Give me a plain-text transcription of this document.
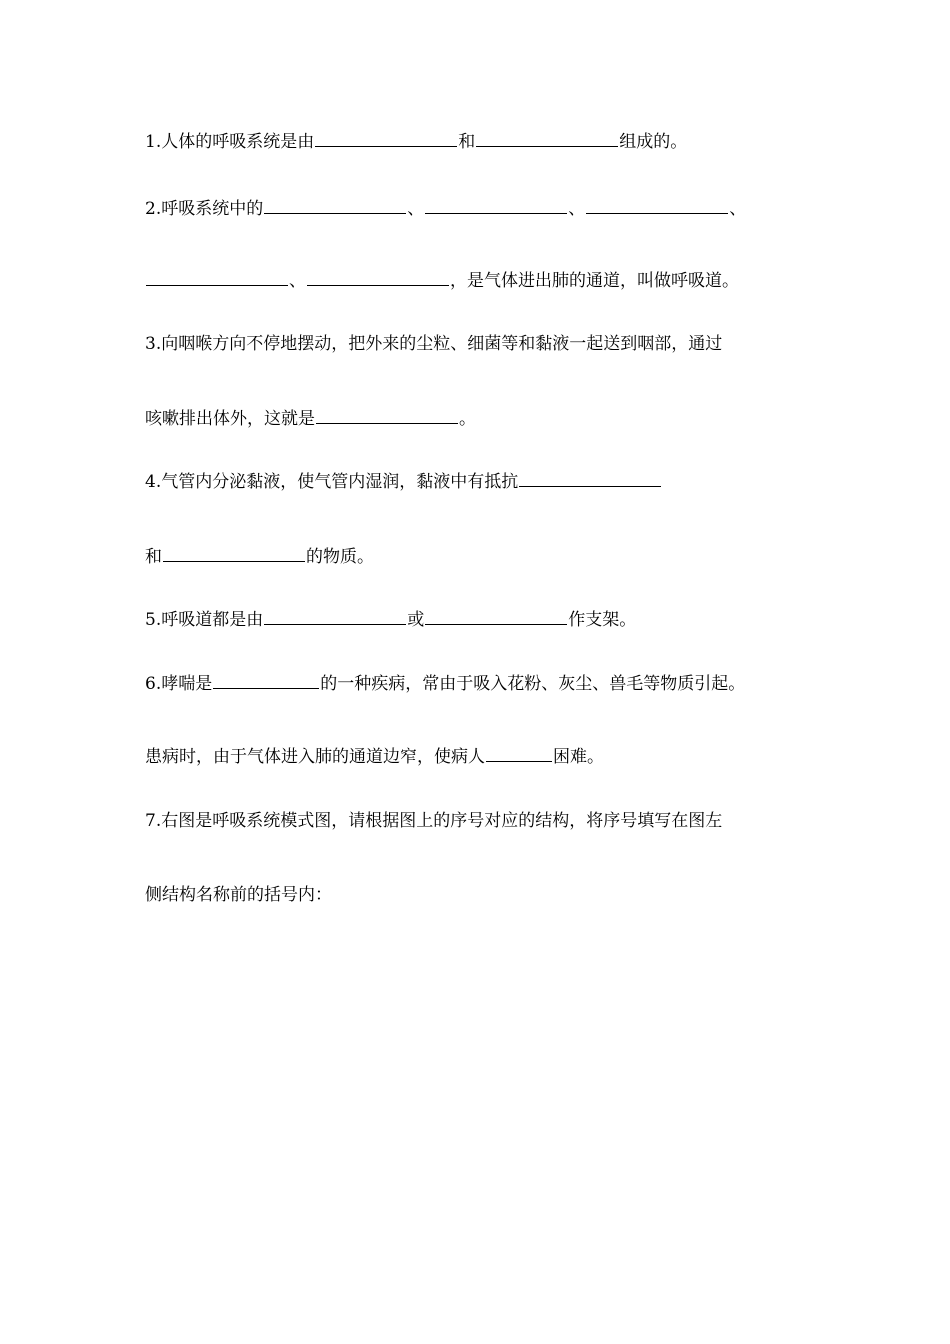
1.人体的呼吸系统是由	和	组成的。
2.呼吸系统中的	、	、	、
、	，是气体进出肺的通道，叫做呼吸道。
3.向咽喉方向不停地摆动，把外来的尘粒、细菌等和黏液一起送到咽部，通过
咳嗽排出体外，这就是	。
4.气管内分泌黏液，使气管内湿润，黏液中有抵抗
和	的物质。
5.呼吸道都是由	或	作支架。
6.哮喘是	的一种疾病，常由于吸入花粉、灰尘、兽毛等物质引起。
患病时，由于气体进入肺的通道边窄，使病人	困难。
7.右图是呼吸系统模式图，请根据图上的序号对应的结构，将序号填写在图左
侧结构名称前的括号内：
